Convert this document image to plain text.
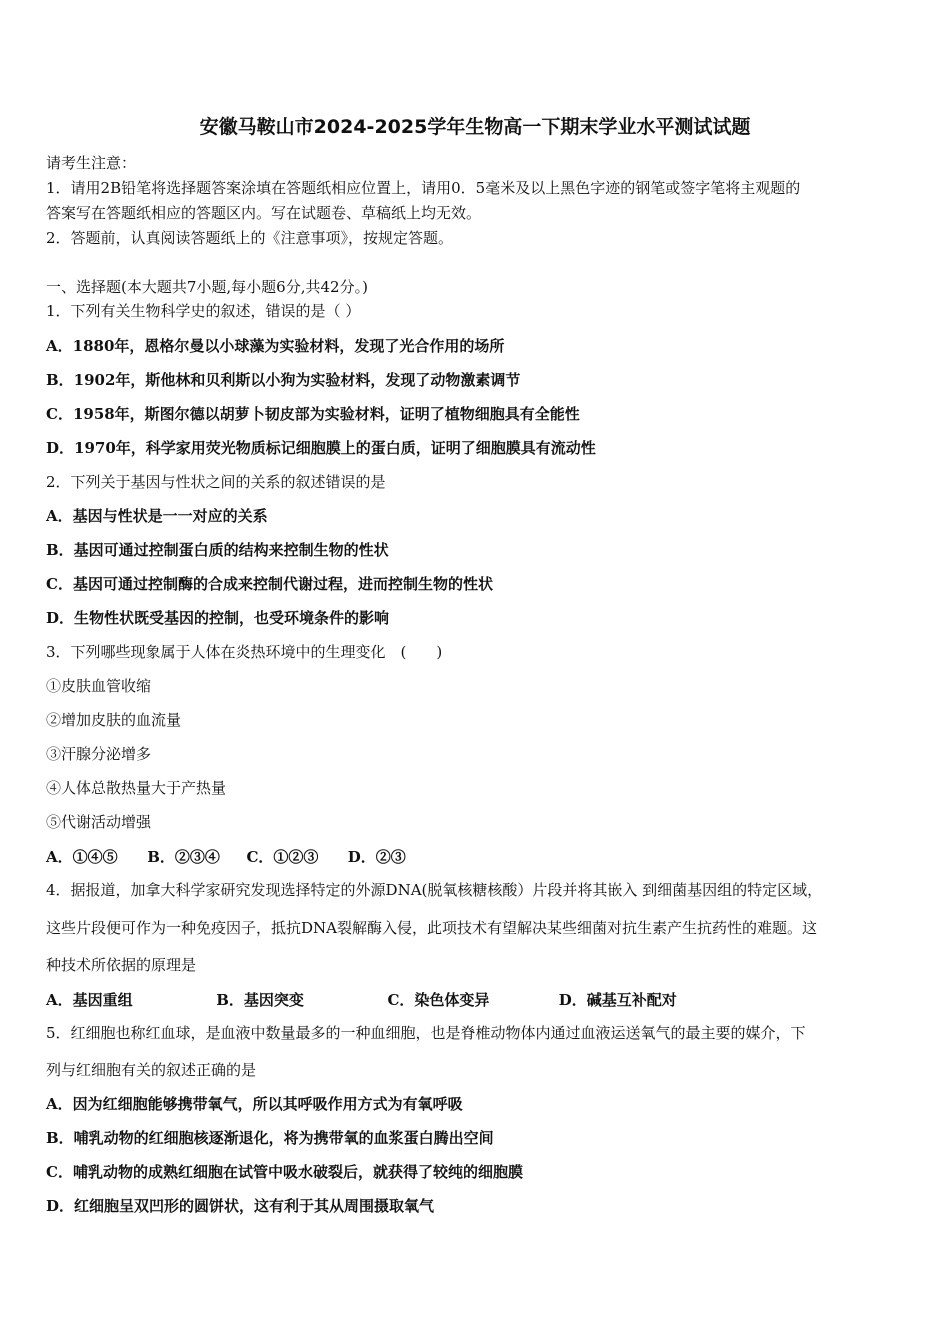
安徽马鞍山市2024-2025学年生物高一下期末学业水平测试试题
请考生注意：
1．请用2B铅笔将选择题答案涂填在答题纸相应位置上，请用0．5毫米及以上黑色字迹的钢笔或签字笔将主观题的
答案写在答题纸相应的答题区内。写在试题卷、草稿纸上均无效。
2．答题前，认真阅读答题纸上的《注意事项》，按规定答题。
一、选择题(本大题共7小题,每小题6分,共42分。)
1．下列有关生物科学史的叙述，错误的是（ ）
A．1880年，恩格尔曼以小球藻为实验材料，发现了光合作用的场所
B．1902年，斯他林和贝利斯以小狗为实验材料，发现了动物激素调节
C．1958年，斯图尔德以胡萝卜韧皮部为实验材料，证明了植物细胞具有全能性
D．1970年，科学家用荧光物质标记细胞膜上的蛋白质，证明了细胞膜具有流动性
2．下列关于基因与性状之间的关系的叙述错误的是
A．基因与性状是一一对应的关系
B．基因可通过控制蛋白质的结构来控制生物的性状
C．基因可通过控制酶的合成来控制代谢过程，进而控制生物的性状
D．生物性状既受基因的控制，也受环境条件的影响
3．下列哪些现象属于人体在炎热环境中的生理变化　(　　)
①皮肤血管收缩
②增加皮肤的血流量
③汗腺分泌增多
④人体总散热量大于产热量
⑤代谢活动增强
A．①④⑤ B．②③④ C．①②③ D．②③
4．据报道，加拿大科学家研究发现选择特定的外源DNA(脱氧核糖核酸）片段并将其嵌入 到细菌基因组的特定区域，
这些片段便可作为一种免疫因子，抵抗DNA裂解酶入侵，此项技术有望解决某些细菌对抗生素产生抗药性的难题。这
种技术所依据的原理是
A．基因重组	B．基因突变	C．染色体变异	D．碱基互补配对
5．红细胞也称红血球，是血液中数量最多的一种血细胞，也是脊椎动物体内通过血液运送氧气的最主要的媒介，下
列与红细胞有关的叙述正确的是
A．因为红细胞能够携带氧气，所以其呼吸作用方式为有氧呼吸
B．哺乳动物的红细胞核逐渐退化，将为携带氧的血浆蛋白腾出空间
C．哺乳动物的成熟红细胞在试管中吸水破裂后，就获得了较纯的细胞膜
D．红细胞呈双凹形的圆饼状，这有利于其从周围摄取氧气
